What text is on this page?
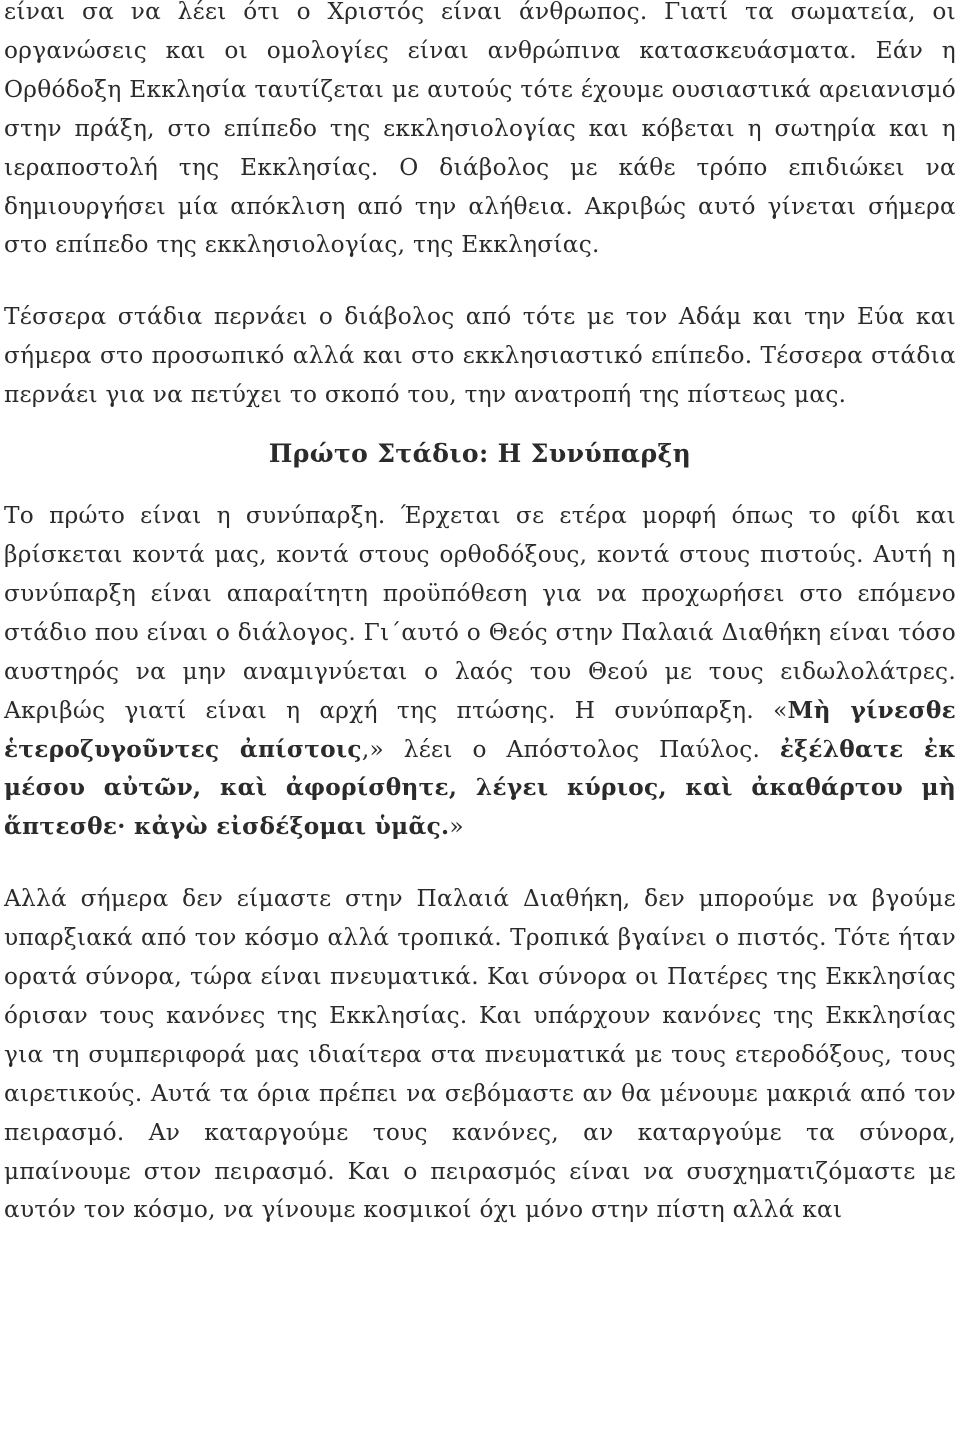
είναι σα να λέει ότι ο Χριστός είναι άνθρωπος. Γιατί τα σωματεία, οι οργανώσεις και οι ομολογίες είναι ανθρώπινα κατασκευάσματα. Εάν η Ορθόδοξη Εκκλησία ταυτίζεται με αυτούς τότε έχουμε ουσιαστικά αρειανισμό στην πράξη, στο επίπεδο της εκκλησιολογίας και κόβεται η σωτηρία και η ιεραποστολή της Εκκλησίας. Ο διάβολος με κάθε τρόπο επιδιώκει να δημιουργήσει μία απόκλιση από την αλήθεια. Ακριβώς αυτό γίνεται σήμερα στο επίπεδο της εκκλησιολογίας, της Εκκλησίας.

Τέσσερα στάδια περνάει ο διάβολος από τότε με τον Αδάμ και την Εύα και σήμερα στο προσωπικό αλλά και στο εκκλησιαστικό επίπεδο. Τέσσερα στάδια περνάει για να πετύχει το σκοπό του, την ανατροπή της πίστεως μας.

Πρώτο Στάδιο: Η Συνύπαρξη

Το πρώτο είναι η συνύπαρξη. Έρχεται σε ετέρα μορφή όπως το φίδι και βρίσκεται κοντά μας, κοντά στους ορθοδόξους, κοντά στους πιστούς. Αυτή η συνύπαρξη είναι απαραίτητη προϋπόθεση για να προχωρήσει στο επόμενο στάδιο που είναι ο διάλογος. Γι΄αυτό ο Θεός στην Παλαιά Διαθήκη είναι τόσο αυστηρός να μην αναμιγνύεται ο λαός του Θεού με τους ειδωλολάτρες. Ακριβώς γιατί είναι η αρχή της πτώσης. Η συνύπαρξη. «Μὴ γίνεσθε ἑτεροζυγοῦντες ἀπίστοις,» λέει ο Απόστολος Παύλος. ἐξέλθατε ἐκ μέσου αὐτῶν, καὶ ἀφορίσθητε, λέγει κύριος, καὶ ἀκαθάρτου μὴ ἅπτεσθε· κἀγὼ εἰσδέξομαι ὑμᾶς.»

Αλλά σήμερα δεν είμαστε στην Παλαιά Διαθήκη, δεν μπορούμε να βγούμε υπαρξιακά από τον κόσμο αλλά τροπικά. Τροπικά βγαίνει ο πιστός. Τότε ήταν ορατά σύνορα, τώρα είναι πνευματικά. Και σύνορα οι Πατέρες της Εκκλησίας όρισαν τους κανόνες της Εκκλησίας. Και υπάρχουν κανόνες της Εκκλησίας για τη συμπεριφορά μας ιδιαίτερα στα πνευματικά με τους ετεροδόξους, τους αιρετικούς. Αυτά τα όρια πρέπει να σεβόμαστε αν θα μένουμε μακριά από τον πειρασμό. Αν καταργούμε τους κανόνες, αν καταργούμε τα σύνορα, μπαίνουμε στον πειρασμό. Και ο πειρασμός είναι να συσχηματιζόμαστε με αυτόν τον κόσμο, να γίνουμε κοσμικοί όχι μόνο στην πίστη αλλά και
